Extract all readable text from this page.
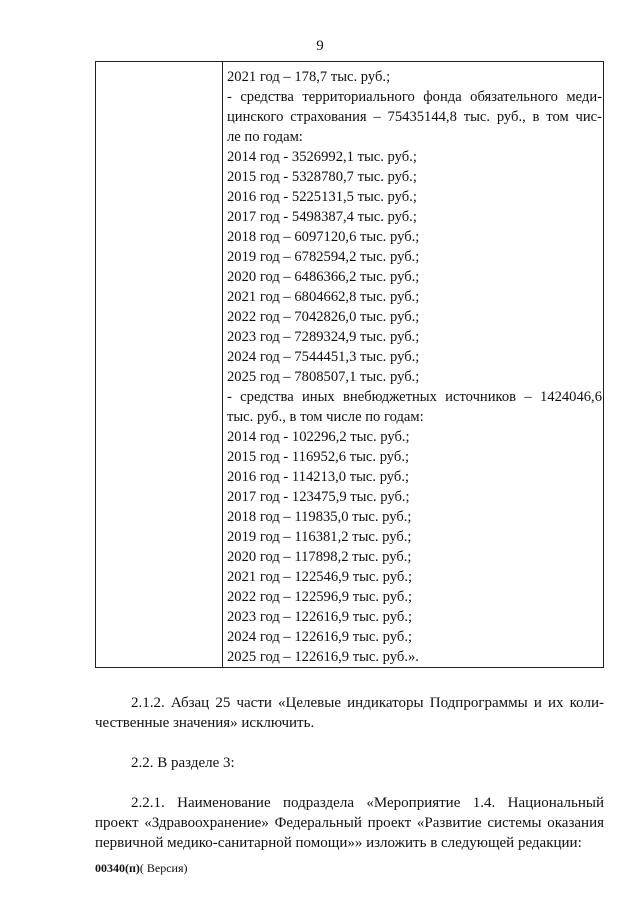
9
2021 год – 178,7 тыс. руб.;
- средства территориального фонда обязательного меди-
цинского страхования – 75435144,8 тыс. руб., в том чис-
ле по годам:
2014 год - 3526992,1 тыс. руб.;
2015 год - 5328780,7 тыс. руб.;
2016 год - 5225131,5 тыс. руб.;
2017 год - 5498387,4 тыс. руб.;
2018 год – 6097120,6 тыс. руб.;
2019 год – 6782594,2 тыс. руб.;
2020 год – 6486366,2 тыс. руб.;
2021 год – 6804662,8 тыс. руб.;
2022 год – 7042826,0 тыс. руб.;
2023 год – 7289324,9 тыс. руб.;
2024 год – 7544451,3 тыс. руб.;
2025 год – 7808507,1 тыс. руб.;
- средства иных внебюджетных источников – 1424046,6
тыс. руб., в том числе по годам:
2014 год - 102296,2 тыс. руб.;
2015 год - 116952,6 тыс. руб.;
2016 год - 114213,0 тыс. руб.;
2017 год - 123475,9 тыс. руб.;
2018 год – 119835,0 тыс. руб.;
2019 год – 116381,2 тыс. руб.;
2020 год – 117898,2 тыс. руб.;
2021 год – 122546,9 тыс. руб.;
2022 год – 122596,9 тыс. руб.;
2023 год – 122616,9 тыс. руб.;
2024 год – 122616,9 тыс. руб.;
2025 год – 122616,9 тыс. руб.».
2.1.2. Абзац 25 части «Целевые индикаторы Подпрограммы и их коли-
чественные значения» исключить.
2.2. В разделе 3:
2.2.1. Наименование подраздела «Мероприятие 1.4. Национальный
проект «Здравоохранение» Федеральный проект «Развитие системы оказания
первичной медико-санитарной помощи»» изложить в следующей редакции:
00340(п)( Версия)
